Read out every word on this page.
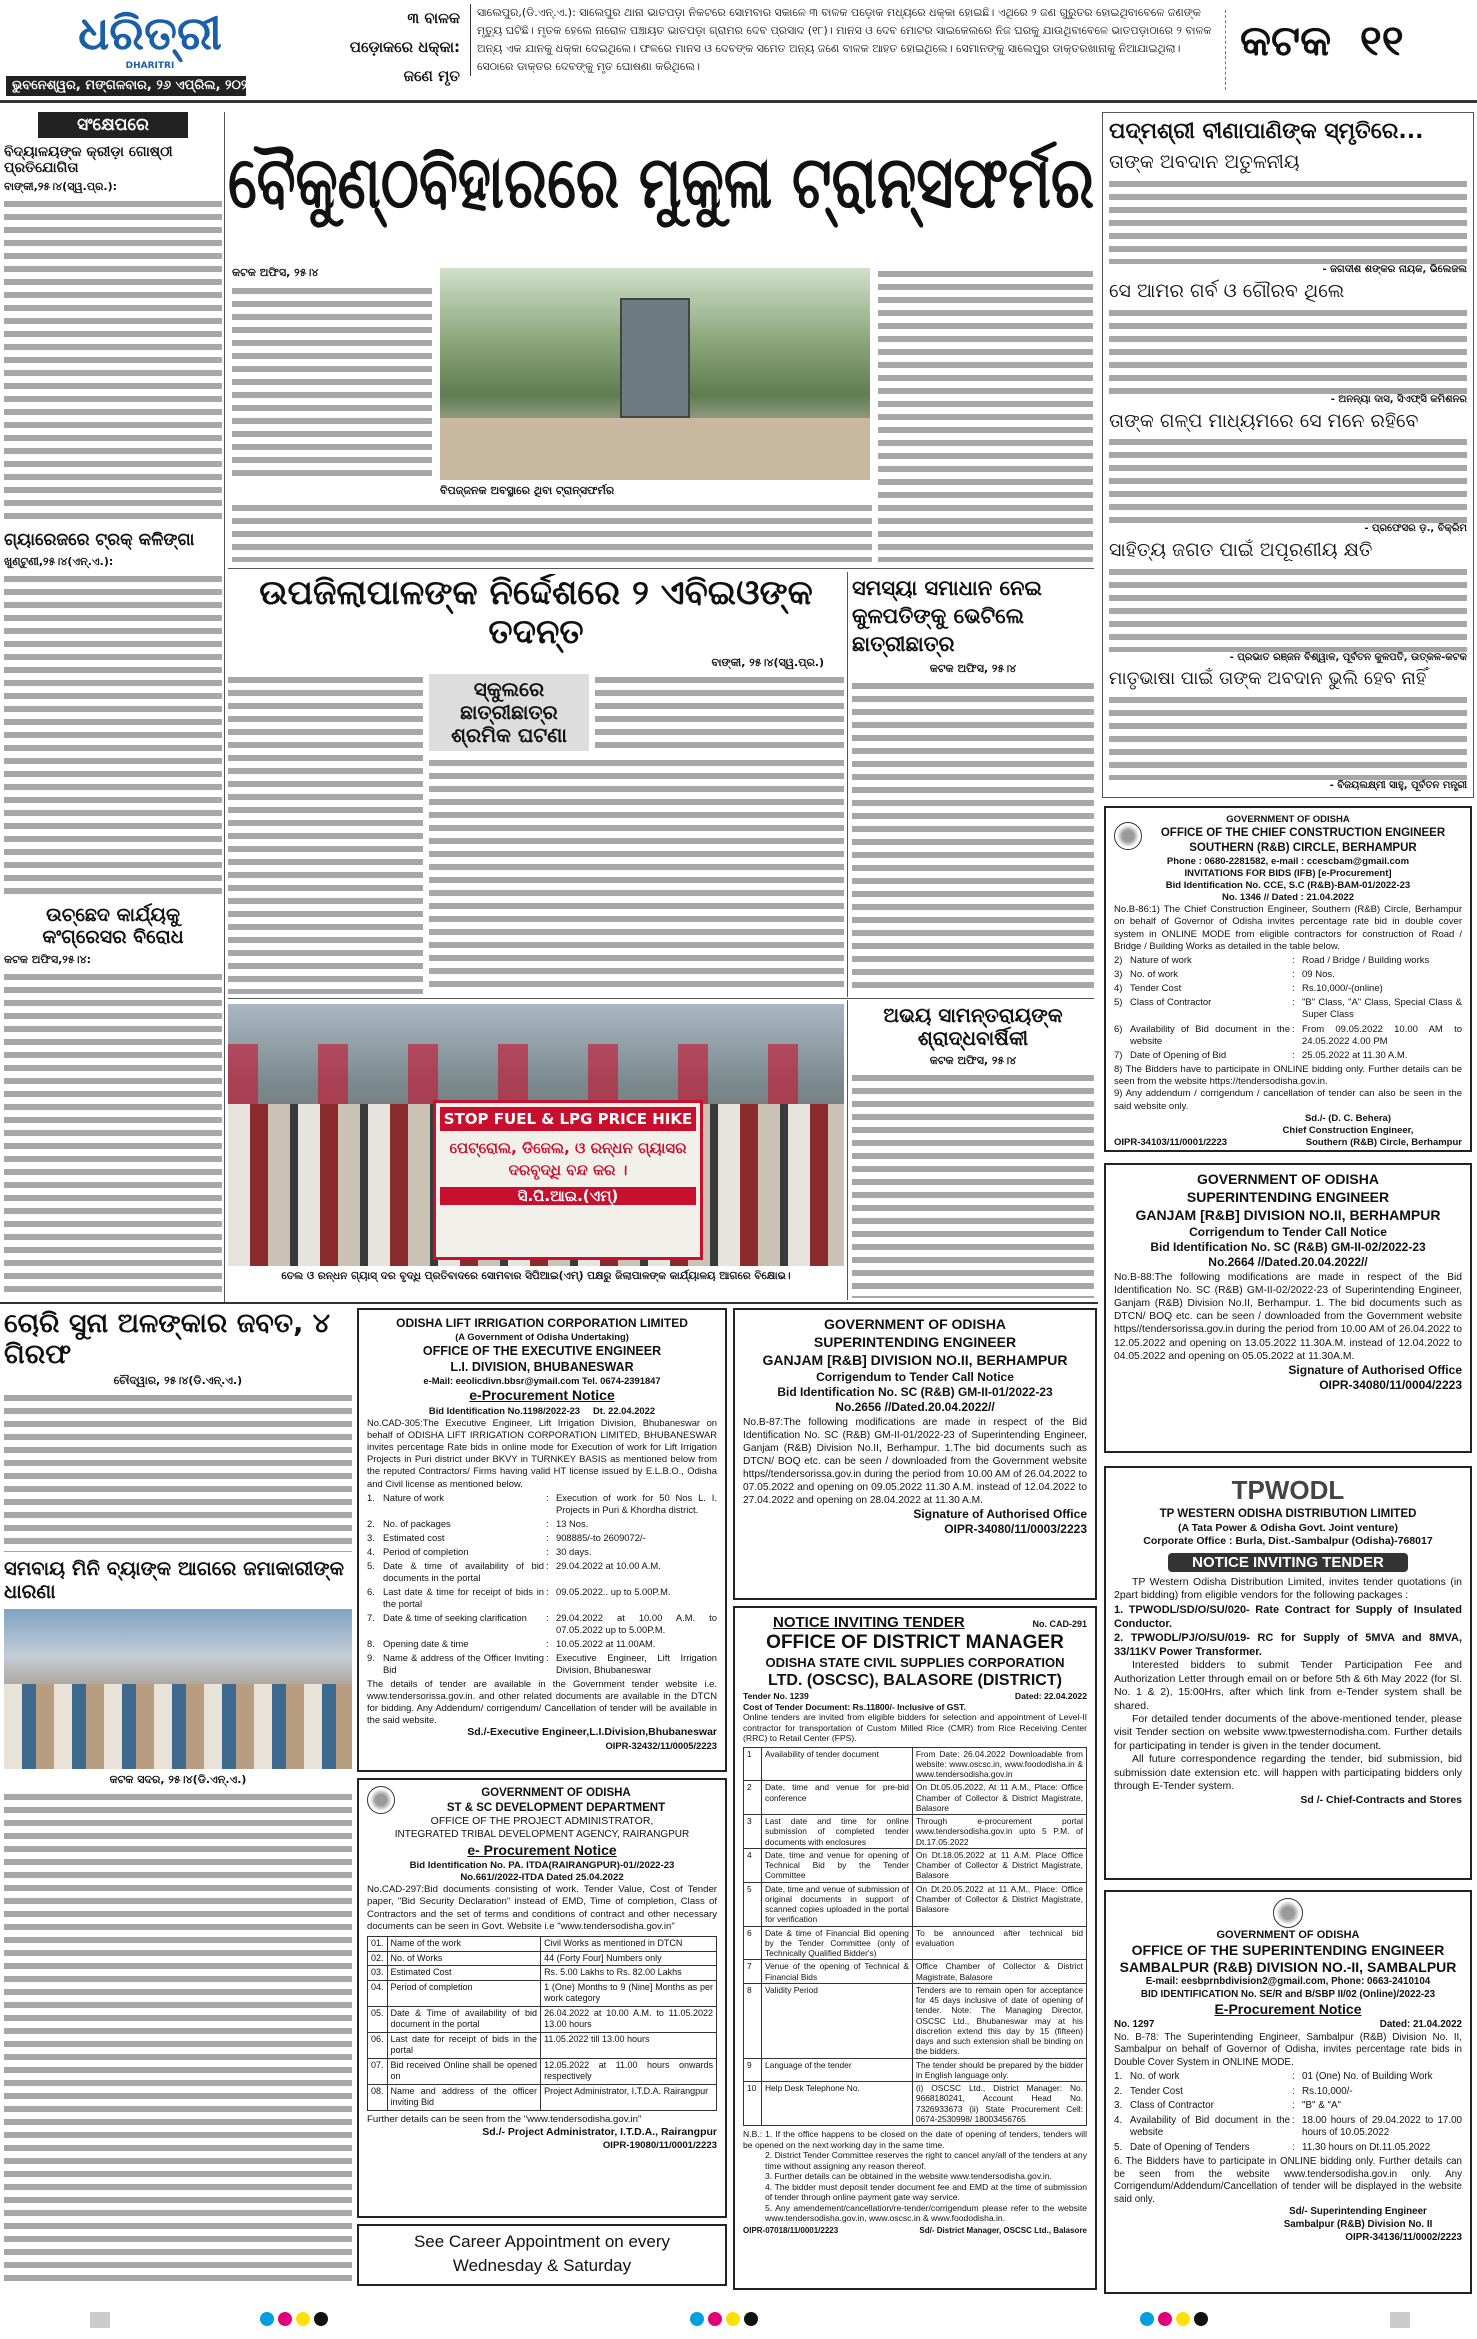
ଧରିତ୍ରୀ
DHARITRI
ଭୁବନେଶ୍ୱର, ମଙ୍ଗଳବାର, ୨୬ ଏପ୍ରିଲ, ୨୦୨୨
୩ ବାଳକ
ପଡ଼ୋକରେ ଧକ୍କା:
ଜଣେ ମୃତ
ସାଲେପୁର,(ଡି.ଏନ୍.ଏ.): ସାଲେପୁର ଥାନା ଭାତପଡ଼ା ନିକଟରେ ସୋମବାର ସକାଳେ ୩ ବାଳକ ପଡ଼ୋକ ମଧ୍ୟରେ ଧକ୍କା ହୋଇଛି। ଏଥିରେ ୨ ଜଣ ଗୁରୁତର ହୋଇଥିବାବେଳେ ଜଣଙ୍କ ମୃତ୍ୟୁ ଘଟିଛି। ମୃତକ ହେଲେ ନାରୋଳ ପଞ୍ଚାୟତ ଭାତପଡ଼ା ଗ୍ରାମର ଦେବ ପ୍ରସାଦ (୧୮)। ମାନସ ଓ ଦେବ ମୋଟର ସାଇକେଲରେ ନିଜ ଘରକୁ ଯାଉଥିବାବେଳେ ଭାତପଡ଼ାଠାରେ ୨ ବାଳକ ଅନ୍ୟ ଏକ ଯାନକୁ ଧକ୍କା ଦେଇଥିଲେ। ଫଳରେ ମାନସ ଓ ଦେବଙ୍କ ସମେତ ଅନ୍ୟ ଜଣେ ବାଳକ ଆହତ ହୋଇଥିଲେ। ସେମାନଙ୍କୁ ସାଲେପୁର ଡାକ୍ତରଖାନାକୁ ନିଆଯାଇଥିଲା। ସେଠାରେ ଡାକ୍ତର ଦେବଙ୍କୁ ମୃତ ଘୋଷଣା କରିଥିଲେ।
କଟକ ୧୧
ସଂକ୍ଷେପରେ
ବିଦ୍ୟାଳୟଙ୍କ କ୍ରୀଡ଼ା ଗୋଷ୍ଠୀ ପ୍ରତିଯୋଗିତା
ବାଙ୍କୀ,୨୫।୪(ସ୍ୱ.ପ୍ର.):
ଗ୍ୟାରେଜରେ ଟ୍ରକ୍ କଳିଙ୍ଗା
ଖୁଣ୍ଟୁଣୀ,୨୫।୪(ଏନ୍.ଏ.):
ଉଚ୍ଛେଦ କାର୍ଯ୍ୟକୁ କଂଗ୍ରେସର ବିରୋଧ
କଟକ ଅଫିସ,୨୫।୪:
ବୈକୁଣ୍ଠବିହାରରେ ମୁକୁଳା ଟ୍ରାନ୍ସଫର୍ମର
କଟକ ଅଫିସ, ୨୫।୪
ବିପଜ୍ଜନକ ଅବସ୍ଥାରେ ଥିବା ଟ୍ରାନ୍ସଫର୍ମର
ଉପଜିଲାପାଳଙ୍କ ନିର୍ଦ୍ଦେଶରେ ୨ ଏବିଇଓଙ୍କ ତଦନ୍ତ
ବାଙ୍କୀ, ୨୫।୪(ସ୍ୱ.ପ୍ର.)
ସ୍କୁଲରେ ଛାତ୍ରୀଛାତ୍ର ଶ୍ରମିକ ଘଟଣା
ସମସ୍ୟା ସମାଧାନ ନେଇ କୁଳପତିଙ୍କୁ ଭେଟିଲେ ଛାତ୍ରୀଛାତ୍ର
କଟକ ଅଫିସ, ୨୫।୪
STOP FUEL & LPG PRICE HIKE
ପେଟ୍ରୋଲ, ଡିଜେଲ, ଓ ରନ୍ଧନ ଗ୍ୟାସର ଦରବୃଦ୍ଧି ବନ୍ଦ କର ।
ସି.ପି.ଆଇ.(ଏମ୍)
ତେଲ ଓ ରନ୍ଧନ ଗ୍ୟାସ୍ ଦର ବୃଦ୍ଧି ପ୍ରତିବାଦରେ ସୋମବାର ସିପିଆଇ(ଏମ୍) ପକ୍ଷରୁ ଜିଲାପାଳଙ୍କ କାର୍ଯ୍ୟାଳୟ ଆଗରେ ବିକ୍ଷୋଭ।
ଅଭୟ ସାମନ୍ତରାୟଙ୍କ ଶ୍ରାଦ୍ଧବାର୍ଷିକୀ
କଟକ ଅଫିସ, ୨୫।୪
ଚୋରି ସୁନା ଅଳଙ୍କାର ଜବତ, ୪ ଗିରଫ
ଚୌଦ୍ୱାର, ୨୫।୪(ଡି.ଏନ୍.ଏ.)
ସମବାୟ ମିନି ବ୍ୟାଙ୍କ ଆଗରେ ଜମାକାରୀଙ୍କ ଧାରଣା
କଟକ ସଦର, ୨୫।୪(ଡି.ଏନ୍.ଏ.)
ପଦ୍ମଶ୍ରୀ ବୀଣାପାଣିଙ୍କ ସ୍ମୃତିରେ...
ତାଙ୍କ ଅବଦାନ ଅତୁଳନୀୟ
- ଜଗଦୀଶ ଶଙ୍କର ନାୟକ, ଭିଲେଜଲ
ସେ ଆମର ଗର୍ବ ଓ ଗୌରବ ଥିଲେ
- ଅନନ୍ୟା ଦାସ, ସିଏଫ୍‌ସି କମିଶନର
ତାଙ୍କ ଗଳ୍ପ ମାଧ୍ୟମରେ ସେ ମନେ ରହିବେ
- ପ୍ରଫେସର ଡ଼., ବିକ୍ରିମ
ସାହିତ୍ୟ ଜଗତ ପାଇଁ ଅପୂରଣୀୟ କ୍ଷତି
- ପ୍ରଭାତ ରଞ୍ଜନ ବିଶ୍ୱାଳ, ପୂର୍ବତନ କୁଳପତି, ଉତ୍କଳ-କଟକ
ମାତୃଭାଷା ପାଇଁ ତାଙ୍କ ଅବଦାନ ଭୁଲି ହେବ ନାହିଁ
- ବିଜୟଲକ୍ଷ୍ମୀ ସାହୁ, ପୂର୍ବତନ ମନ୍ତ୍ରୀ
GOVERNMENT OF ODISHA
OFFICE OF THE CHIEF CONSTRUCTION ENGINEER
SOUTHERN (R&B) CIRCLE, BERHAMPUR
Phone : 0680-2281582, e-mail : ccescbam@gmail.com
INVITATIONS FOR BIDS (IFB) [e-Procurement]
Bid Identification No. CCE, S.C (R&B)-BAM-01/2022-23
No. 1346 // Dated : 21.04.2022
No.B-86:1) The Chief Construction Engineer, Southern (R&B) Circle, Berhampur on behalf of Governor of Odisha invites percentage rate bid in double cover system in ONLINE MODE from eligible contractors for construction of Road / Bridge / Building Works as detailed in the table below.
2) Nature of work	: Road / Bridge / Building works
3) No. of work	: 09 Nos.
4) Tender Cost	: Rs.10,000/-(online)
5) Class of Contractor	: "B" Class, "A" Class, Special Class & Super Class
6) Availability of Bid document in the website
: From 09.05.2022 10.00 AM to 24.05.2022 4.00 PM
7) Date of Opening of Bid	: 25.05.2022 at 11.30 A.M.
8) The Bidders have to participate in ONLINE bidding only. Further details can be seen from the website https://tendersodisha.gov.in.
9) Any addendum / corrigendum / cancellation of tender can also be seen in the said website only.
Sd./- (D. C. Behera)
Chief Construction Engineer,
OIPR-34103/11/0001/2223	Southern (R&B) Circle, Berhampur
GOVERNMENT OF ODISHA
SUPERINTENDING ENGINEER
GANJAM [R&B] DIVISION NO.II, BERHAMPUR
Corrigendum to Tender Call Notice
Bid Identification No. SC (R&B) GM-II-02/2022-23
No.2664 //Dated.20.04.2022//
No.B-88:The following modifications are made in respect of the Bid Identification No. SC (R&B) GM-II-02/2022-23 of Superintending Engineer, Ganjam (R&B) Division No.II, Berhampur. 1. The bid documents such as DTCN/ BOQ etc. can be seen / downloaded from the Government website https//tendersorissa.gov.in during the period from 10.00 AM of 26.04.2022 to 12.05.2022 and opening on 13.05.2022 11.30A.M. instead of 12.04.2022 to 04.05.2022 and opening on 05.05.2022 at 11.30A.M.
Signature of Authorised Office
OIPR-34080/11/0004/2223
TPWODL
TP WESTERN ODISHA DISTRIBUTION LIMITED
(A Tata Power & Odisha Govt. Joint venture)
Corporate Office : Burla, Dist.-Sambalpur (Odisha)-768017
NOTICE INVITING TENDER
TP Western Odisha Distribution Limited, invites tender quotations (in 2part bidding) from eligible vendors for the following packages :
1. TPWODL/SD/O/SU/020- Rate Contract for Supply of Insulated Conductor.
2. TPWODL/PJ/O/SU/019- RC for Supply of 5MVA and 8MVA, 33/11KV Power Transformer.
Interested bidders to submit Tender Participation Fee and Authorization Letter through email on or before 5th & 6th May 2022 (for Sl. No. 1 & 2), 15:00Hrs, after which link from e-Tender system shall be shared.
For detailed tender documents of the above-mentioned tender, please visit Tender section on website www.tpwesternodisha.com. Further details for participating in tender is given in the tender document.
All future correspondence regarding the tender, bid submission, bid submission date extension etc. will happen with participating bidders only through E-Tender system.
Sd /- Chief-Contracts and Stores
GOVERNMENT OF ODISHA
OFFICE OF THE SUPERINTENDING ENGINEER
SAMBALPUR (R&B) DIVISION NO.-II, SAMBALPUR
E-mail: eesbprnbdivision2@gmail.com, Phone: 0663-2410104
BID IDENTIFICATION No. SE/R and B/SBP II/02 (Online)/2022-23
E-Procurement Notice
No. 1297	Dated: 21.04.2022
No. B-78: The Superintending Engineer, Sambalpur (R&B) Division No. II, Sambalpur on behalf of Governor of Odisha, invites percentage rate bids in Double Cover System in ONLINE MODE.
1. No. of work	: 01 (One) No. of Building Work
2. Tender Cost	: Rs.10,000/-
3. Class of Contractor	: "B" & "A"
4. Availability of Bid document in the website
: 18.00 hours of 29.04.2022 to 17.00 hours of 10.05.2022
5. Date of Opening of Tenders	: 11.30 hours on Dt.11.05.2022
6. The Bidders have to participate in ONLINE bidding only. Further details can be seen from the website www.tendersodisha.gov.in only. Any Corrigendum/Addendum/Cancellation of tender will be displayed in the website said only.
Sd/- Superintending Engineer
Sambalpur (R&B) Division No. II
OIPR-34136/11/0002/2223
ODISHA LIFT IRRIGATION CORPORATION LIMITED
(A Government of Odisha Undertaking)
OFFICE OF THE EXECUTIVE ENGINEER
L.I. DIVISION, BHUBANESWAR
e-Mail: eeolicdivn.bbsr@ymail.com Tel. 0674-2391847
e-Procurement Notice
Bid Identification No.1198/2022-23     Dt. 22.04.2022
No.CAD-305:The Executive Engineer, Lift Irrigation Division, Bhubaneswar on behalf of ODISHA LIFT IRRIGATION CORPORATION LIMITED, BHUBANESWAR invites percentage Rate bids in online mode for Execution of work for Lift Irrigation Projects in Puri district under BKVY in TURNKEY BASIS as mentioned below from the reputed Contractors/ Firms having valid HT license issued by E.L.B.O., Odisha and Civil license as mentioned below.
1. Nature of work	: Execution of work for 50 Nos L. I. Projects in Puri & Khordha district.
2. No. of packages	: 13 Nos.
3. Estimated cost	: 908885/-to 2609072/-
4. Period of completion	: 30 days.
5. Date & time of availability of bid documents in the portal
: 29.04.2022 at 10.00 A.M.
6. Last date & time for receipt of bids in the portal
: 09.05.2022.. up to 5.00P.M.
7. Date & time of seeking clarification	: 29.04.2022 at 10.00 A.M. to 07.05.2022 up to 5.00P.M.
8. Opening date & time	: 10.05.2022 at 11.00AM.
9. Name & address of the Officer Inviting Bid
: Executive Engineer, Lift Irrigation Division, Bhubaneswar
The details of tender are available in the Government tender website i.e. www.tendersorissa.gov.in. and other related documents are available in the DTCN for bidding. Any Addendum/ corrigendum/ Cancellation of tender will be available in the said website.
Sd./-Executive Engineer,L.I.Division,Bhubaneswar
OIPR-32432/11/0005/2223
GOVERNMENT OF ODISHA
ST & SC DEVELOPMENT DEPARTMENT
OFFICE OF THE PROJECT ADMINISTRATOR,
INTEGRATED TRIBAL DEVELOPMENT AGENCY, RAIRANGPUR
e- Procurement Notice
Bid Identification No. PA. ITDA(RAIRANGPUR)-01//2022-23
No.661//2022-ITDA Dated 25.04.2022
No.CAD-297:Bid documents consisting of work. Tender Value, Cost of Tender paper, "Bid Security Declaration" instead of EMD, Time of completion, Class of Contractors and the set of terms and conditions of contract and other necessary documents can be seen in Govt. Website i.e "www.tendersodisha.gov.in"
01.	Name of the work	Civil Works as mentioned in DTCN
02.	No. of Works	44 (Forty Four] Numbers only
03.	Estimated Cost	Rs. 5.00 Lakhs to Rs. 82.00 Lakhs
04.	Period of completion	1 (One) Months to 9 (Nine] Months as per work category
05.	Date & Time of availability of bid document in the portal	26.04.2022 at 10.00 A.M. to 11.05.2022 13.00 hours
06.	Last date for receipt of bids in the portal	11.05.2022 till 13.00 hours
07.	Bid received Online shall be opened on	12.05.2022 at 11.00 hours onwards respectively
08.	Name and address of the officer inviting Bid	Project Administrator, I.T.D.A. Rairangpur
Further details can be seen from the "www.tendersodisha.gov.in"
Sd./- Project Administrator, I.T.D.A., Rairangpur
OIPR-19080/11/0001/2223
See Career Appointment on every
Wednesday & Saturday
GOVERNMENT OF ODISHA
SUPERINTENDING ENGINEER
GANJAM [R&B] DIVISION NO.II, BERHAMPUR
Corrigendum to Tender Call Notice
Bid Identification No. SC (R&B) GM-II-01/2022-23
No.2656 //Dated.20.04.2022//
No.B-87:The following modifications are made in respect of the Bid Identification No. SC (R&B) GM-II-01/2022-23 of Superintending Engineer, Ganjam (R&B) Division No.II, Berhampur. 1.The bid documents such as DTCN/ BOQ etc. can be seen / downloaded from the Government website https//tendersorissa.gov.in during the period from 10.00 AM of 26.04.2022 to 07.05.2022 and opening on 09.05.2022 11.30 A.M. instead of 12.04.2022 to 27.04.2022 and opening on 28.04.2022 at 11.30 A.M.
Signature of Authorised Office
OIPR-34080/11/0003/2223
NOTICE INVITING TENDER	No. CAD-291
OFFICE OF DISTRICT MANAGER
ODISHA STATE CIVIL SUPPLIES CORPORATION
LTD. (OSCSC), BALASORE (DISTRICT)
Tender No. 1239	Dated: 22.04.2022
Cost of Tender Document: Rs.11800/- Inclusive of GST.
Online tenders are invited from eligible bidders for selection and appointment of Level-II contractor for transportation of Custom Milled Rice (CMR) from Rice Receiving Center (RRC) to Retail Center (FPS).
1	Availability of tender document	From Date: 26.04.2022 Downloadable from website: www.oscsc.in, www.foododisha.in & www.tendersodisha.gov.in
2	Date, time and venue for pre-bid conference	On Dt.05.05.2022, At 11 A.M., Place: Office Chamber of Collector & District Magistrate, Balasore
3	Last date and time for online submission of completed tender documents with enclosures	Through e-procurement portal www.tendersodisha.gov.in upto 5 P.M. of Dt.17.05.2022
4	Date, time and venue for opening of Technical Bid by the Tender Committee	On Dt.18.05.2022 at 11 A.M. Place Office Chamber of Collector & District Magistrate, Balasore
5	Date, time and venue of submission of original documents in support of scanned copies uploaded in the portal for verification	On Dt.20.05.2022 at 11 A.M., Place: Office Chamber of Collector & District Magistrate, Balasore
6	Date & time of Financial Bid opening by the Tender Committee (only of Technically Qualified Bidder's)	To be announced after technical bid evaluation
7	Venue of the opening of Technical & Financial Bids	Office Chamber of Collector & District Magistrate, Balasore
8	Validity Period	Tenders are to remain open for acceptance for 45 days inclusive of date of opening of tender. Note: The Managing Director, OSCSC Ltd., Bhubaneswar may at his discretion extend this day by 15 (fifteen) days and such extension shall be binding on the bidders.
9	Language of the tender	The tender should be prepared by the bidder in English language only.
10	Help Desk Telephone No.	(i) OSCSC Ltd., District Manager: No. 9668180241, Account Head No. 7326933673 (ii) State Procurement Cell: 0674-2530998/ 18003456765
N.B.: 1. If the office happens to be closed on the date of opening of tenders, tenders will be opened on the next working day in the same time.
2. District Tender Committee reserves the right to cancel any/all of the tenders at any time without assigning any reason thereof.
3. Further details can be obtained in the website www.tendersodisha.gov.in.
4. The bidder must deposit tender document fee and EMD at the time of submission of tender through online payment gate way service.
5. Any amendement/cancellation/re-tender/corrigendum please refer to the website www.tendersodisha.gov.in, www.oscsc.in & www.foododisha.in.
OIPR-07018/11/0001/2223	Sd/- District Manager, OSCSC Ltd., Balasore
